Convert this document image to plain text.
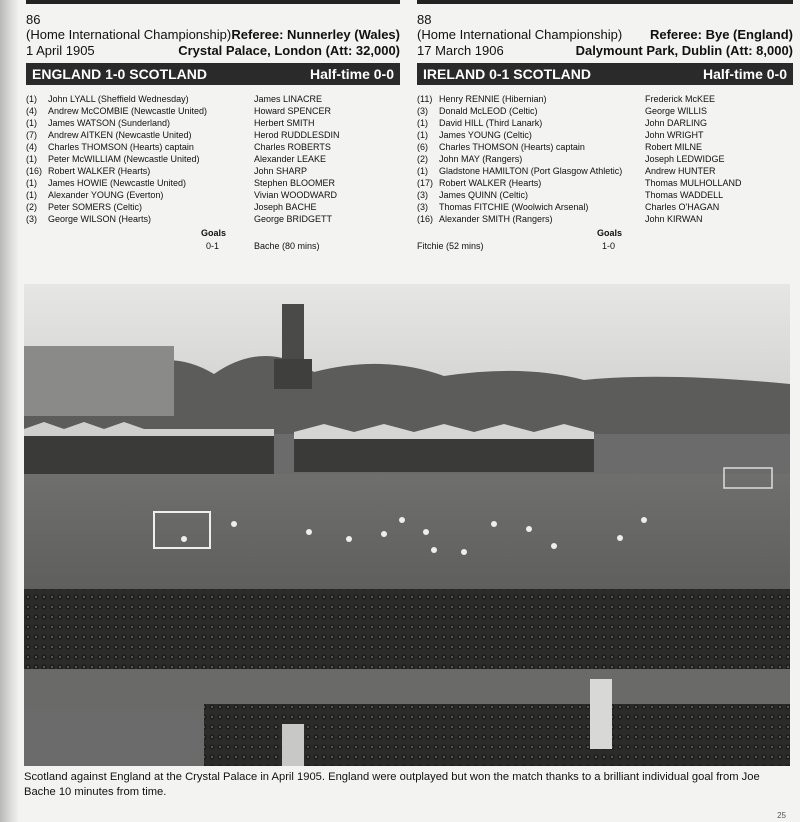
86
(Home International Championship) Referee: Nunnerley (Wales)
1 April 1905	Crystal Palace, London (Att: 32,000)
ENGLAND 1-0 SCOTLAND	Half-time 0-0
(1)	John LYALL (Sheffield Wednesday)	James LINACRE
(4)	Andrew McCOMBIE (Newcastle United)	Howard SPENCER
(1)	James WATSON (Sunderland)	Herbert SMITH
(7)	Andrew AITKEN (Newcastle United)	Herod RUDDLESDIN
(4)	Charles THOMSON (Hearts) captain	Charles ROBERTS
(1)	Peter McWILLIAM (Newcastle United)	Alexander LEAKE
(16) Robert WALKER (Hearts)	John SHARP
(1)	James HOWIE (Newcastle United)	Stephen BLOOMER
(1)	Alexander YOUNG (Everton)	Vivian WOODWARD
(2)	Peter SOMERS (Celtic)	Joseph BACHE
(3)	George WILSON (Hearts)	George BRIDGETT
Goals
0-1	Bache (80 mins)
88
(Home International Championship) Referee: Bye (England)
17 March 1906	Dalymount Park, Dublin (Att: 8,000)
IRELAND 0-1 SCOTLAND	Half-time 0-0
(11) Henry RENNIE (Hibernian)	Frederick McKEE
(3)	Donald McLEOD (Celtic)	George WILLIS
(1)	David HILL (Third Lanark)	John DARLING
(1)	James YOUNG (Celtic)	John WRIGHT
(6)	Charles THOMSON (Hearts) captain	Robert MILNE
(2)	John MAY (Rangers)	Joseph LEDWIDGE
(1)	Gladstone HAMILTON (Port Glasgow Athletic)	Andrew HUNTER
(17) Robert WALKER (Hearts)	Thomas MULHOLLAND
(3)	James QUINN (Celtic)	Thomas WADDELL
(3)	Thomas FITCHIE (Woolwich Arsenal)	Charles O'HAGAN
(16) Alexander SMITH (Rangers)	John KIRWAN
Goals
Fitchie (52 mins)	1-0
Scotland against England at the Crystal Palace in April 1905. England were outplayed but won the match thanks to a brilliant individual goal from Joe Bache 10 minutes from time.
25
